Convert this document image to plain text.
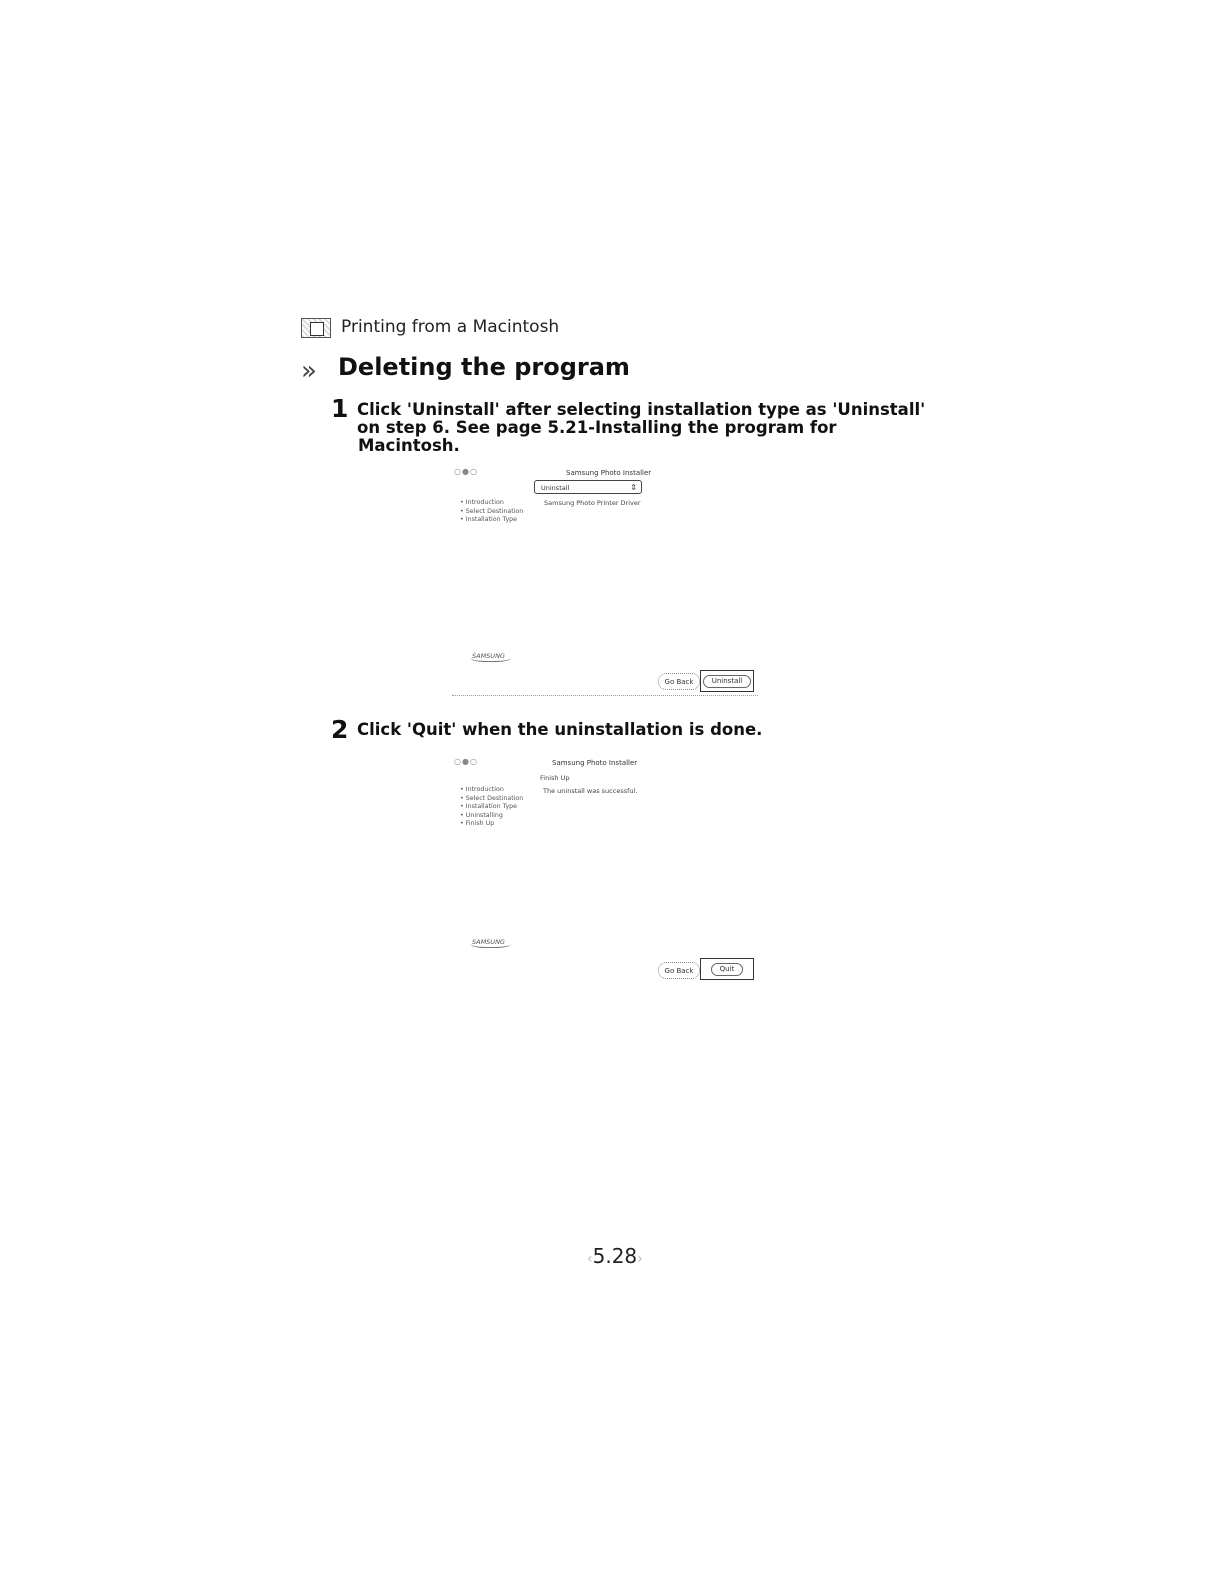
Printing from a Macintosh
» Deleting the program
1 Click 'Uninstall' after selecting installation type as 'Uninstall'
on step 6. See page 5.21-Installing the program for
Macintosh.
○●○	Samsung Photo Installer
Uninstall	⇕
Samsung Photo Printer Driver
• Introduction
• Select Destination
• Installation Type
SAMSUNG
Go Back	Uninstall
2 Click 'Quit' when the uninstallation is done.
○●○	Samsung Photo Installer
Finish Up
The uninstall was successful.
• Introduction
• Select Destination
• Installation Type
• Uninstalling
• Finish Up
SAMSUNG
Go Back	Quit
‹5.28›
